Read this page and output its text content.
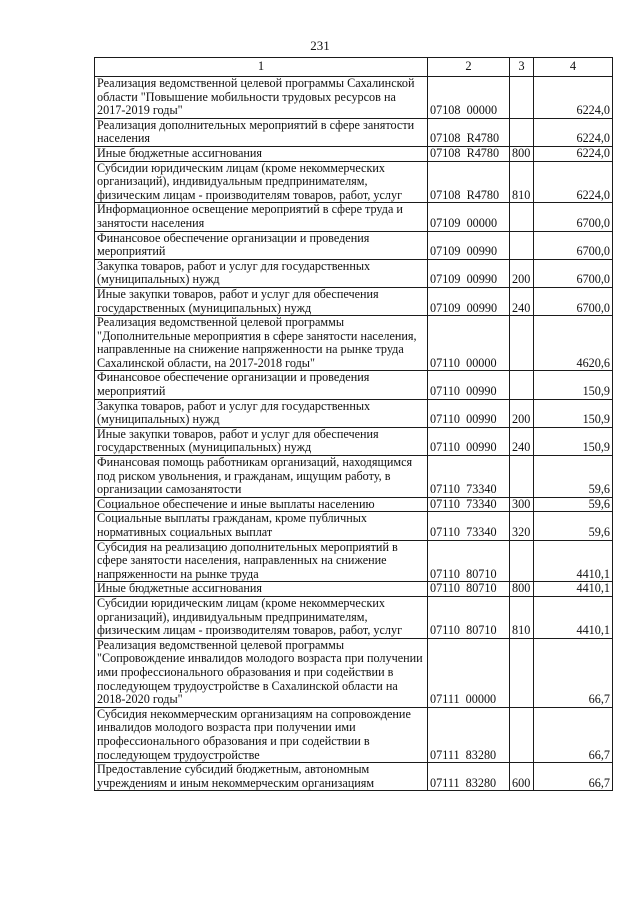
231
1	2	3	4
Реализация ведомственной целевой программы Сахалинской области "Повышение мобильности трудовых ресурсов на 2017-2019 годы"	07108  00000		6224,0
Реализация дополнительных мероприятий в сфере занятости населения	07108  R4780		6224,0
Иные бюджетные ассигнования	07108  R4780	800	6224,0
Субсидии юридическим лицам (кроме некоммерческих организаций), индивидуальным предпринимателям, физическим лицам - производителям товаров, работ, услуг	07108  R4780	810	6224,0
Информационное освещение мероприятий в сфере труда и занятости населения	07109  00000		6700,0
Финансовое обеспечение организации и проведения мероприятий	07109  00990		6700,0
Закупка товаров, работ и услуг для государственных (муниципальных) нужд	07109  00990	200	6700,0
Иные закупки товаров, работ и услуг для обеспечения государственных (муниципальных) нужд	07109  00990	240	6700,0
Реализация ведомственной целевой программы "Дополнительные мероприятия в сфере занятости населения, направленные на снижение напряженности на рынке труда Сахалинской области, на 2017-2018 годы"	07110  00000		4620,6
Финансовое обеспечение организации и проведения мероприятий	07110  00990		150,9
Закупка товаров, работ и услуг для государственных (муниципальных) нужд	07110  00990	200	150,9
Иные закупки товаров, работ и услуг для обеспечения государственных (муниципальных) нужд	07110  00990	240	150,9
Финансовая помощь работникам организаций, находящимся под риском увольнения, и гражданам, ищущим работу, в организации самозанятости	07110  73340		59,6
Социальное обеспечение и иные выплаты населению	07110  73340	300	59,6
Социальные выплаты гражданам, кроме публичных нормативных социальных выплат	07110  73340	320	59,6
Субсидия на реализацию дополнительных мероприятий в сфере занятости населения, направленных на снижение напряженности на рынке труда	07110  80710		4410,1
Иные бюджетные ассигнования	07110  80710	800	4410,1
Субсидии юридическим лицам (кроме некоммерческих организаций), индивидуальным предпринимателям, физическим лицам - производителям товаров, работ, услуг	07110  80710	810	4410,1
Реализация ведомственной целевой программы "Сопровождение инвалидов молодого возраста при получении ими профессионального образования и при содействии в последующем трудоустройстве в Сахалинской области на 2018-2020 годы"	07111  00000		66,7
Субсидия некоммерческим организациям на сопровождение инвалидов молодого возраста при получении ими профессионального образования и при содействии в последующем трудоустройстве	07111  83280		66,7
Предоставление субсидий бюджетным, автономным учреждениям и иным некоммерческим организациям	07111  83280	600	66,7
